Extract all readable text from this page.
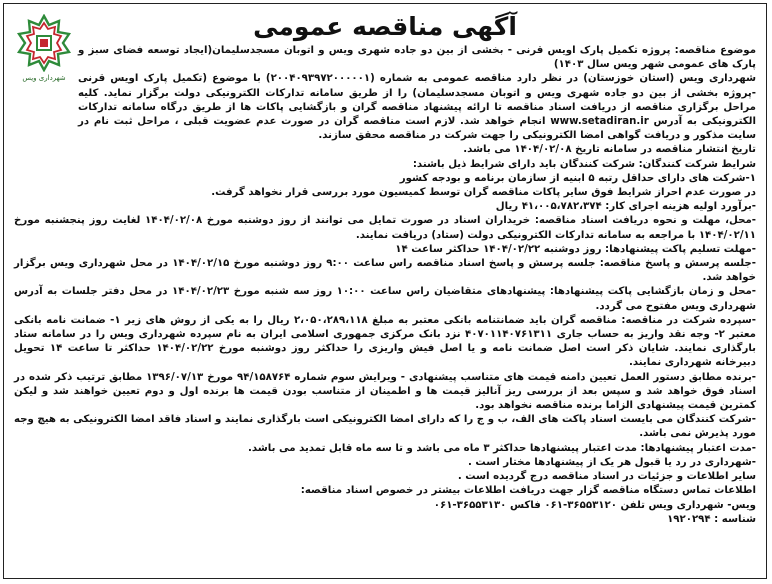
شهرداری ویس
آگهی مناقصه عمومی

موضوع مناقصه: پروژه تکمیل پارک اویس قرنی - بخشی از بین دو جاده شهری ویس و اتوبان مسجدسلیمان(ایجاد توسعه فضای سبز و پارک های عمومی شهر ویس سال ۱۴۰۳)

شهرداری ویس (استان خوزستان) در نظر دارد مناقصه عمومی به شماره (۲۰۰۴۰۹۳۹۷۲۰۰۰۰۰۱) با موضوع (تکمیل پارک اویس قرنی -پروژه بخشی از بین دو جاده شهری ویس و اتوبان مسجدسلیمان) را از طریق سامانه تدارکات الکترونیکی دولت برگزار نماید. کلیه مراحل برگزاری مناقصه از دریافت اسناد مناقصه تا ارائه پیشنهاد مناقصه گران و بازگشایی پاکات ها از طریق درگاه سامانه تدارکات الکترونیکی به آدرس www.setadiran.ir انجام خواهد شد. لازم است مناقصه گران در صورت عدم عضویت قبلی ، مراحل ثبت نام در سایت مذکور و دریافت گواهی امضا الکترونیکی را جهت شرکت در مناقصه محقق سازند.

تاریخ انتشار مناقصه در سامانه تاریخ ۱۴۰۴/۰۲/۰۸ می باشد.

شرایط شرکت کنندگان: شرکت کنندگان باید دارای شرایط ذیل باشند:

۱-شرکت های دارای حداقل رتبه ۵ ابنیه از سازمان برنامه و بودجه کشور

در صورت عدم احراز شرایط فوق سایر پاکات مناقصه گران توسط کمیسیون مورد بررسی قرار نخواهد گرفت.

-برآورد اولیه هزینه اجرای کار: ۴۱،۰۰۵،۷۸۲،۳۷۴ ریال

-محل، مهلت و نحوه دریافت اسناد مناقصه: خریداران اسناد در صورت تمایل می توانند از روز دوشنبه مورخ ۱۴۰۴/۰۲/۰۸ لغایت روز پنجشنبه مورخ ۱۴۰۴/۰۲/۱۱ با مراجعه به سامانه تدارکات الکترونیکی دولت (ستاد) دریافت نمایند.

-مهلت تسلیم پاکت پیشنهادها: روز دوشنبه ۱۴۰۴/۰۲/۲۲ حداکثر ساعت ۱۴

-جلسه پرسش و پاسخ مناقصه: جلسه پرسش و پاسخ اسناد مناقصه راس ساعت ۹:۰۰ روز دوشنبه مورخ ۱۴۰۴/۰۲/۱۵ در محل شهرداری ویس برگزار خواهد شد.

-محل و زمان بازگشایی پاکت پیشنهادها: پیشنهادهای متقاضیان راس ساعت ۱۰:۰۰ روز سه شنبه مورخ ۱۴۰۴/۰۲/۲۳ در محل دفتر جلسات به آدرس شهرداری ویس مفتوح می گردد.

-سپرده شرکت در مناقصه: مناقصه گران باید ضمانتنامه بانکی معتبر به مبلغ ۲،۰۵۰،۲۸۹،۱۱۸ ریال را به یکی از روش های زیر ۱- ضمانت نامه بانکی معتبر ۲- وجه نقد واریز به حساب جاری ۴۰۷۰۱۱۴۰۷۶۱۳۱۱ نزد بانک مرکزی جمهوری اسلامی ایران به نام سپرده شهرداری ویس را در سامانه ستاد بارگذاری نمایند. شایان ذکر است اصل ضمانت نامه و یا اصل فیش واریزی را حداکثر روز دوشنبه مورخ ۱۴۰۴/۰۲/۲۲ حداکثر تا ساعت ۱۴ تحویل دبیرخانه شهرداری نمایند.

-برنده مطابق دستور العمل تعیین دامنه قیمت های متناسب پیشنهادی - ویرایش سوم شماره ۹۴/۱۵۸۷۶۴ مورخ ۱۳۹۶/۰۷/۱۳ مطابق ترتیب ذکر شده در اسناد فوق خواهد شد و سپس بعد از بررسی ریز آنالیز قیمت ها و اطمینان از متناسب بودن قیمت ها برنده اول و دوم تعیین خواهند شد و لیکن کمترین قیمت پیشنهادی الزاما برنده مناقصه نخواهد بود.

-شرکت کنندگان می بایست اسناد پاکت های الف، ب و ج را که دارای امضا الکترونیکی است بارگذاری نمایند و اسناد فاقد امضا الکترونیکی به هیچ وجه مورد پذیرش نمی باشد.

-مدت اعتبار پیشنهادها: مدت اعتبار پیشنهادها حداکثر ۳ ماه می باشد و تا سه ماه قابل تمدید می باشد.

-شهرداری در رد یا قبول هر یک از پیشنهادها مختار است .

سایر اطلاعات و جزئیات در اسناد مناقصه درج گردیده است .

اطلاعات تماس دستگاه مناقصه گزار جهت دریافت اطلاعات بیشتر در خصوص اسناد مناقصه:

ویس- شهرداری ویس تلفن ۳۶۵۵۳۱۲۰-۰۶۱ فاکس ۳۶۵۵۳۱۳۰-۰۶۱

شناسه : ۱۹۲۰۲۹۴
